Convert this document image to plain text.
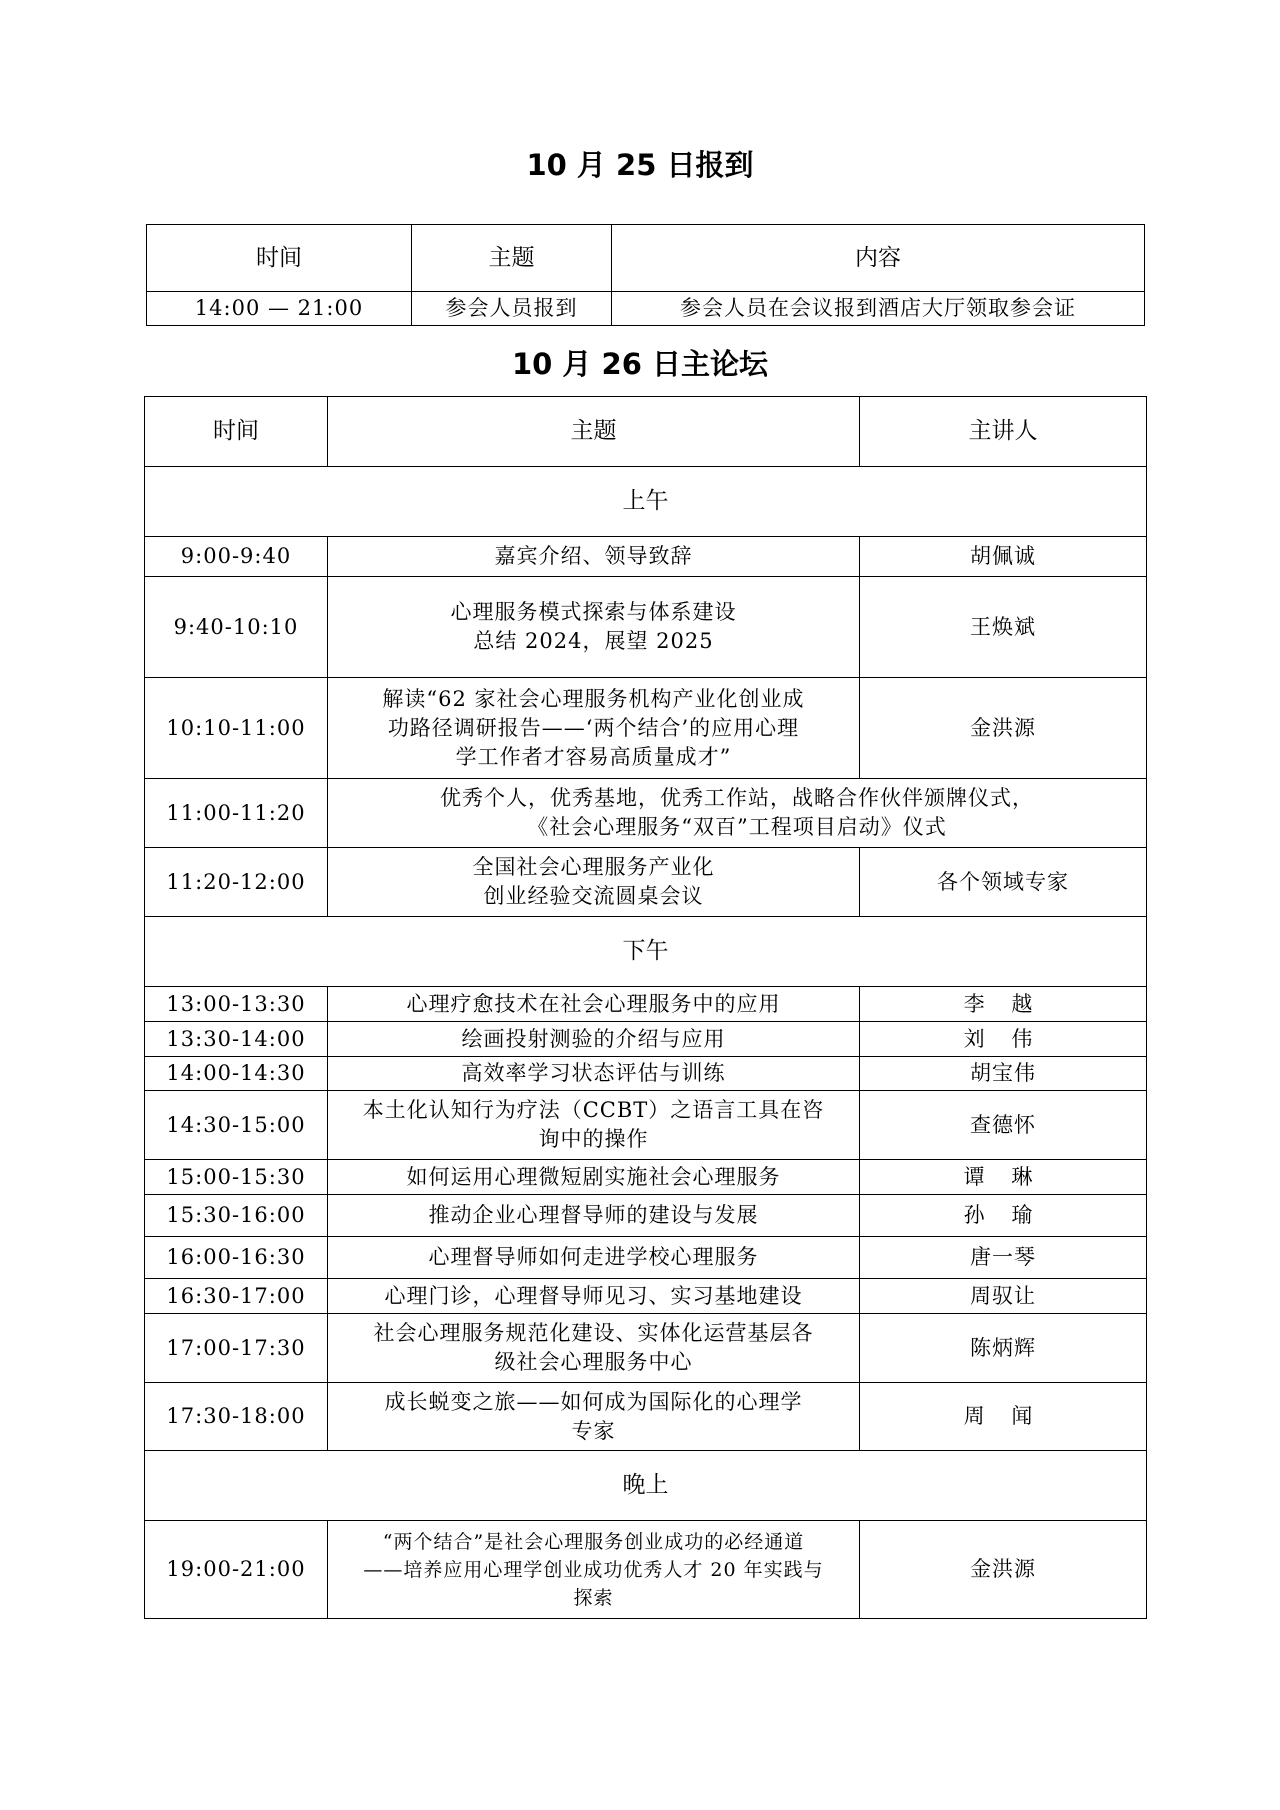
10 月 25 日报到
时间	主题	内容
14:00 — 21:00	参会人员报到	参会人员在会议报到酒店大厅领取参会证
10 月 26 日主论坛
时间	主题	主讲人
上午		
9:00-9:40	嘉宾介绍、领导致辞	胡佩诚
9:40-10:10	心理服务模式探索与体系建设
总结 2024，展望 2025	王焕斌
10:10-11:00	解读“62 家社会心理服务机构产业化创业成
功路径调研报告——‘两个结合’的应用心理
学工作者才容易高质量成才”	金洪源
11:00-11:20	优秀个人，优秀基地，优秀工作站，战略合作伙伴颁牌仪式，
《社会心理服务“双百”工程项目启动》仪式	

11:20-12:00	全国社会心理服务产业化
创业经验交流圆桌会议	各个领域专家
下午		
13:00-13:30	心理疗愈技术在社会心理服务中的应用	李 越
13:30-14:00	绘画投射测验的介绍与应用	刘 伟
14:00-14:30	高效率学习状态评估与训练	胡宝伟
14:30-15:00	本土化认知行为疗法（CCBT）之语言工具在咨
询中的操作	查德怀
15:00-15:30	如何运用心理微短剧实施社会心理服务	谭 琳
15:30-16:00	推动企业心理督导师的建设与发展	孙 瑜
16:00-16:30	心理督导师如何走进学校心理服务	唐一琴
16:30-17:00	心理门诊，心理督导师见习、实习基地建设	周驭让
17:00-17:30	社会心理服务规范化建设、实体化运营基层各
级社会心理服务中心	陈炳辉
17:30-18:00	成长蜕变之旅——如何成为国际化的心理学
专家	周 闻
晚上		
19:00-21:00	“两个结合”是社会心理服务创业成功的必经通道
——培养应用心理学创业成功优秀人才 20 年实践与
探索	金洪源
